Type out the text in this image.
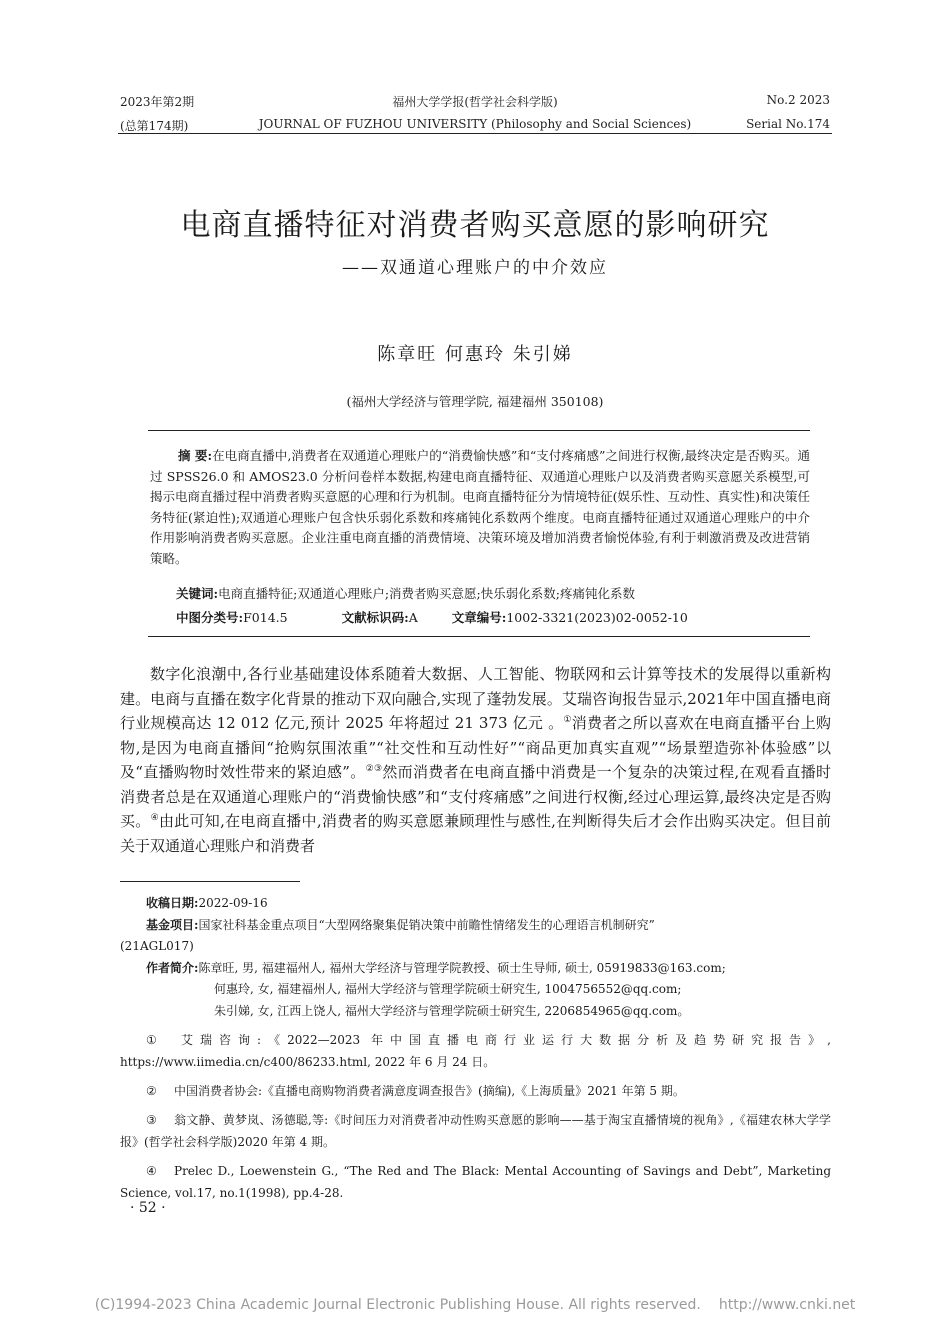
2023年第2期	福州大学学报(哲学社会科学版)	No.2 2023
(总第174期)	JOURNAL OF FUZHOU UNIVERSITY (Philosophy and Social Sciences)	Serial No.174
电商直播特征对消费者购买意愿的影响研究
——双通道心理账户的中介效应
陈章旺 何惠玲 朱引娣
(福州大学经济与管理学院, 福建福州 350108)
摘 要:在电商直播中,消费者在双通道心理账户的“消费愉快感”和“支付疼痛感”之间进行权衡,最终决定是否购买。通过 SPSS26.0 和 AMOS23.0 分析问卷样本数据,构建电商直播特征、双通道心理账户以及消费者购买意愿关系模型,可揭示电商直播过程中消费者购买意愿的心理和行为机制。电商直播特征分为情境特征(娱乐性、互动性、真实性)和决策任务特征(紧迫性);双通道心理账户包含快乐弱化系数和疼痛钝化系数两个维度。电商直播特征通过双通道心理账户的中介作用影响消费者购买意愿。企业注重电商直播的消费情境、决策环境及增加消费者愉悦体验,有利于刺激消费及改进营销策略。
关键词:电商直播特征;双通道心理账户;消费者购买意愿;快乐弱化系数;疼痛钝化系数
中图分类号:F014.5	文献标识码:A	文章编号:1002-3321(2023)02-0052-10

数字化浪潮中,各行业基础建设体系随着大数据、人工智能、物联网和云计算等技术的发展得以重新构建。电商与直播在数字化背景的推动下双向融合,实现了蓬勃发展。艾瑞咨询报告显示,2021年中国直播电商行业规模高达 12 012 亿元,预计 2025 年将超过 21 373 亿元 。①消费者之所以喜欢在电商直播平台上购物,是因为电商直播间“抢购氛围浓重”“社交性和互动性好”“商品更加真实直观”“场景塑造弥补体验感”以及“直播购物时效性带来的紧迫感”。②③然而消费者在电商直播中消费是一个复杂的决策过程,在观看直播时消费者总是在双通道心理账户的“消费愉快感”和“支付疼痛感”之间进行权衡,经过心理运算,最终决定是否购买。④由此可知,在电商直播中,消费者的购买意愿兼顾理性与感性,在判断得失后才会作出购买决定。但目前关于双通道心理账户和消费者

收稿日期:2022-09-16
基金项目:国家社科基金重点项目“大型网络聚集促销决策中前瞻性情绪发生的心理语言机制研究”
(21AGL017)
作者简介:陈章旺, 男, 福建福州人, 福州大学经济与管理学院教授、硕士生导师, 硕士, 05919833@163.com;
何惠玲, 女, 福建福州人, 福州大学经济与管理学院硕士研究生, 1004756552@qq.com;
朱引娣, 女, 江西上饶人, 福州大学经济与管理学院硕士研究生, 2206854965@qq.com。

① 艾瑞咨询:《2022—2023 年中国直播电商行业运行大数据分析及趋势研究报告》, https://www.iimedia.cn/c400/86233.html, 2022 年 6 月 24 日。

② 中国消费者协会:《直播电商购物消费者满意度调查报告》(摘编),《上海质量》2021 年第 5 期。

③ 翁文静、黄梦岚、汤德聪,等:《时间压力对消费者冲动性购买意愿的影响——基于淘宝直播情境的视角》,《福建农林大学学报》(哲学社会科学版)2020 年第 4 期。

④ Prelec D., Loewenstein G., “The Red and The Black: Mental Accounting of Savings and Debt”, Marketing Science, vol.17, no.1(1998), pp.4-28.

· 52 ·
(C)1994-2023 China Academic Journal Electronic Publishing House. All rights reserved. http://www.cnki.net
